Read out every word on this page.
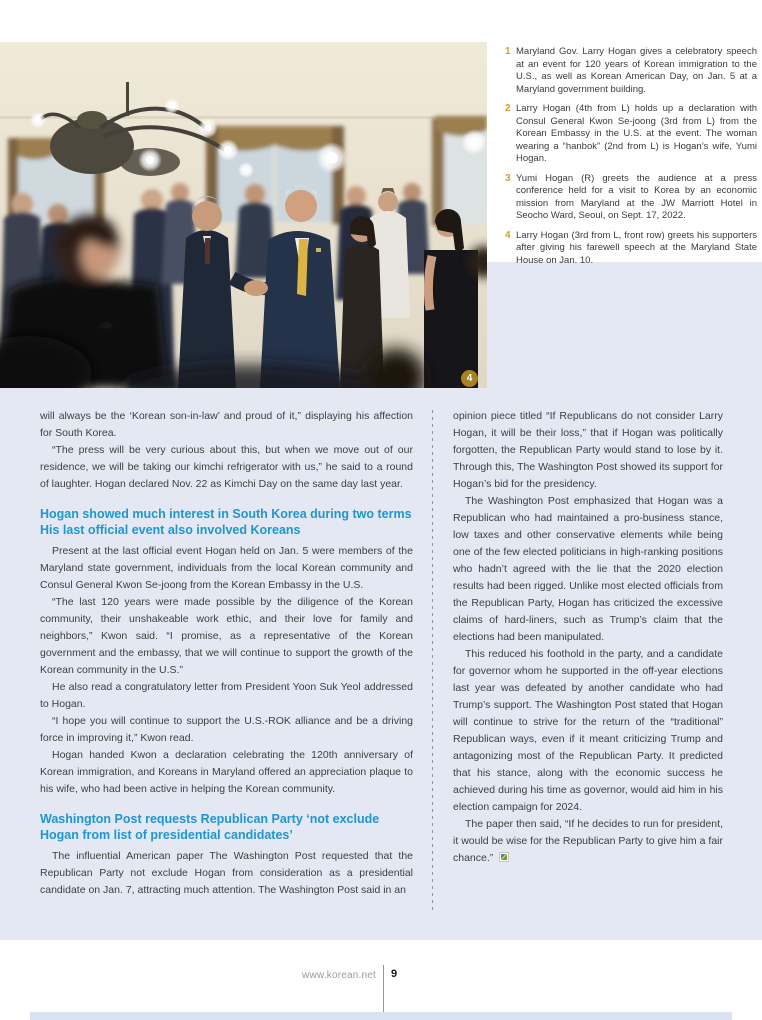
4
1 Maryland Gov. Larry Hogan gives a celebratory speech at an event for 120 years of Korean immigration to the U.S., as well as Korean American Day, on Jan. 5 at a Maryland government building.
2 Larry Hogan (4th from L) holds up a declaration with Consul General Kwon Se-joong (3rd from L) from the Korean Embassy in the U.S. at the event. The woman wearing a “hanbok” (2nd from L) is Hogan’s wife, Yumi Hogan.
3 Yumi Hogan (R) greets the audience at a press conference held for a visit to Korea by an economic mission from Maryland at the JW Marriott Hotel in Seocho Ward, Seoul, on Sept. 17, 2022.
4 Larry Hogan (3rd from L, front row) greets his supporters after giving his farewell speech at the Maryland State House on Jan. 10.

will always be the ‘Korean son-in-law’ and proud of it,” displaying his affection for South Korea.

“The press will be very curious about this, but when we move out of our residence, we will be taking our kimchi refrigerator with us,” he said to a round of laughter. Hogan declared Nov. 22 as Kimchi Day on the same day last year.

Hogan showed much interest in South Korea during two terms
His last official event also involved Koreans

Present at the last official event Hogan held on Jan. 5 were members of the Maryland state government, individuals from the local Korean community and Consul General Kwon Se-joong from the Korean Embassy in the U.S.

“The last 120 years were made possible by the diligence of the Korean community, their unshakeable work ethic, and their love for family and neighbors,” Kwon said. “I promise, as a representative of the Korean government and the embassy, that we will continue to support the growth of the Korean community in the U.S.”

He also read a congratulatory letter from President Yoon Suk Yeol addressed to Hogan.

“I hope you will continue to support the U.S.-ROK alliance and be a driving force in improving it,” Kwon read.

Hogan handed Kwon a declaration celebrating the 120th anniversary of Korean immigration, and Koreans in Maryland offered an appreciation plaque to his wife, who had been active in helping the Korean community.

Washington Post requests Republican Party ‘not exclude Hogan from list of presidential candidates’

The influential American paper The Washington Post requested that the Republican Party not exclude Hogan from consideration as a presidential candidate on Jan. 7, attracting much attention. The Washington Post said in an

opinion piece titled “If Republicans do not consider Larry Hogan, it will be their loss,” that if Hogan was politically forgotten, the Republican Party would stand to lose by it. Through this, The Washington Post showed its support for Hogan’s bid for the presidency.

The Washington Post emphasized that Hogan was a Republican who had maintained a pro-business stance, low taxes and other conservative elements while being one of the few elected politicians in high-ranking positions who hadn’t agreed with the lie that the 2020 election results had been rigged. Unlike most elected officials from the Republican Party, Hogan has criticized the excessive claims of hard-liners, such as Trump’s claim that the elections had been manipulated.

This reduced his foothold in the party, and a candidate for governor whom he supported in the off-year elections last year was defeated by another candidate who had Trump’s support. The Washington Post stated that Hogan will continue to strive for the return of the “traditional” Republican ways, even if it meant criticizing Trump and antagonizing most of the Republican Party. It predicted that his stance, along with the economic success he achieved during his time as governor, would aid him in his election campaign for 2024.

The paper then said, “If he decides to run for president, it would be wise for the Republican Party to give him a fair chance.”

www.korean.net 9
